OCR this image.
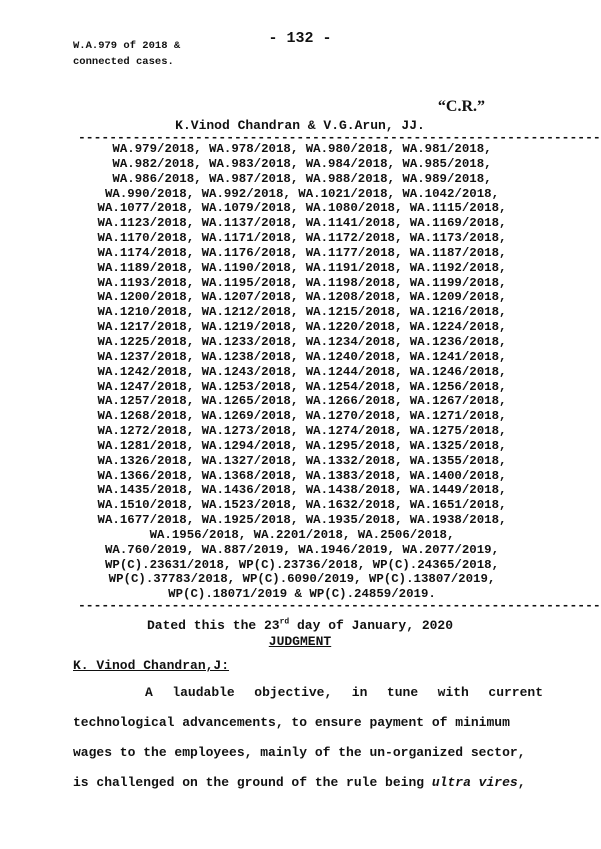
W.A.979 of 2018 &
connected cases.
- 132 -
“C.R.”
K.Vinod Chandran & V.G.Arun, JJ.
-------------------------------------------------------------------
WA.979/2018, WA.978/2018, WA.980/2018, WA.981/2018,
WA.982/2018, WA.983/2018, WA.984/2018, WA.985/2018,
WA.986/2018, WA.987/2018, WA.988/2018, WA.989/2018,
WA.990/2018, WA.992/2018, WA.1021/2018, WA.1042/2018,
WA.1077/2018, WA.1079/2018, WA.1080/2018, WA.1115/2018,
WA.1123/2018, WA.1137/2018, WA.1141/2018, WA.1169/2018,
WA.1170/2018, WA.1171/2018, WA.1172/2018, WA.1173/2018,
WA.1174/2018, WA.1176/2018, WA.1177/2018, WA.1187/2018,
WA.1189/2018, WA.1190/2018, WA.1191/2018, WA.1192/2018,
WA.1193/2018, WA.1195/2018, WA.1198/2018, WA.1199/2018,
WA.1200/2018, WA.1207/2018, WA.1208/2018, WA.1209/2018,
WA.1210/2018, WA.1212/2018, WA.1215/2018, WA.1216/2018,
WA.1217/2018, WA.1219/2018, WA.1220/2018, WA.1224/2018,
WA.1225/2018, WA.1233/2018, WA.1234/2018, WA.1236/2018,
WA.1237/2018, WA.1238/2018, WA.1240/2018, WA.1241/2018,
WA.1242/2018, WA.1243/2018, WA.1244/2018, WA.1246/2018,
WA.1247/2018, WA.1253/2018, WA.1254/2018, WA.1256/2018,
WA.1257/2018, WA.1265/2018, WA.1266/2018, WA.1267/2018,
WA.1268/2018, WA.1269/2018, WA.1270/2018, WA.1271/2018,
WA.1272/2018, WA.1273/2018, WA.1274/2018, WA.1275/2018,
WA.1281/2018, WA.1294/2018, WA.1295/2018, WA.1325/2018,
WA.1326/2018, WA.1327/2018, WA.1332/2018, WA.1355/2018,
WA.1366/2018, WA.1368/2018, WA.1383/2018, WA.1400/2018,
WA.1435/2018, WA.1436/2018, WA.1438/2018, WA.1449/2018,
WA.1510/2018, WA.1523/2018, WA.1632/2018, WA.1651/2018,
WA.1677/2018, WA.1925/2018, WA.1935/2018, WA.1938/2018,
WA.1956/2018, WA.2201/2018, WA.2506/2018,
WA.760/2019, WA.887/2019, WA.1946/2019, WA.2077/2019,
WP(C).23631/2018, WP(C).23736/2018, WP(C).24365/2018,
WP(C).37783/2018, WP(C).6090/2019, WP(C).13807/2019,
WP(C).18071/2019 & WP(C).24859/2019.
-------------------------------------------------------------------
Dated this the 23rd day of January, 2020
JUDGMENT
K. Vinod Chandran,J:
A laudable objective, in tune with current
technological advancements, to ensure payment of minimum
wages to the employees, mainly of the un-organized sector,
is challenged on the ground of the rule being ultra vires,
